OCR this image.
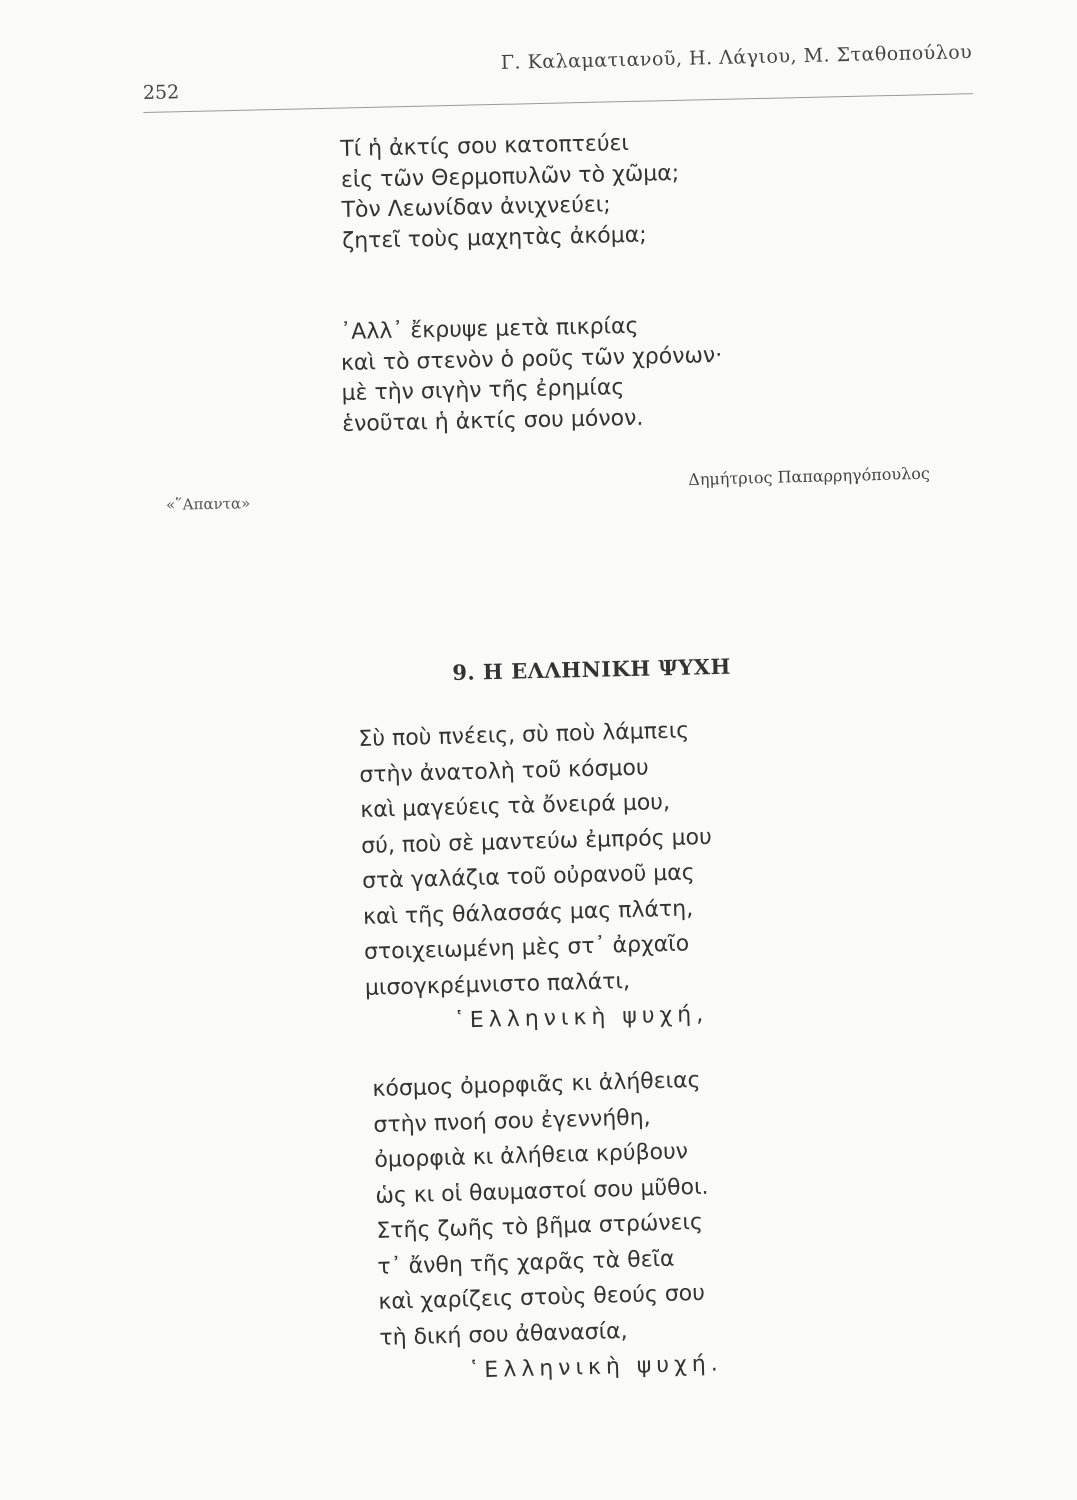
252
Γ. Καλαματιανοῦ, Η. Λάγιου, Μ. Σταθοπούλου
Τί ἡ ἀκτίς σου κατοπτεύει
εἰς τῶν Θερμοπυλῶν τὸ χῶμα;
Τὸν Λεωνίδαν ἀνιχνεύει;
ζητεῖ τοὺς μαχητὰς ἀκόμα;
᾿Αλλ᾿ ἔκρυψε μετὰ πικρίας
καὶ τὸ στενὸν ὁ ροῦς τῶν χρόνων·
μὲ τὴν σιγὴν τῆς ἐρημίας
ἑνοῦται ἡ ἀκτίς σου μόνον.
«῞Απαντα»
Δημήτριος Παπαρρηγόπουλος
9. Η ΕΛΛΗΝΙΚΗ ΨΥΧΗ
Σὺ ποὺ πνέεις, σὺ ποὺ λάμπεις
στὴν ἀνατολὴ τοῦ κόσμου
καὶ μαγεύεις τὰ ὄνειρά μου,
σύ, ποὺ σὲ μαντεύω ἐμπρός μου
στὰ γαλάζια τοῦ οὐρανοῦ μας
καὶ τῆς θάλασσάς μας πλάτη,
στοιχειωμένη μὲς στ᾿ ἀρχαῖο
μισογκρέμνιστο παλάτι,
῾Ελληνικὴ ψυχή,
κόσμος ὀμορφιᾶς κι ἀλήθειας
στὴν πνοή σου ἐγεννήθη,
ὀμορφιὰ κι ἀλήθεια κρύβουν
ὡς κι οἱ θαυμαστοί σου μῦθοι.
Στῆς ζωῆς τὸ βῆμα στρώνεις
τ᾿ ἄνθη τῆς χαρᾶς τὰ θεῖα
καὶ χαρίζεις στοὺς θεούς σου
τὴ δική σου ἀθανασία,
῾Ελληνικὴ ψυχή.
